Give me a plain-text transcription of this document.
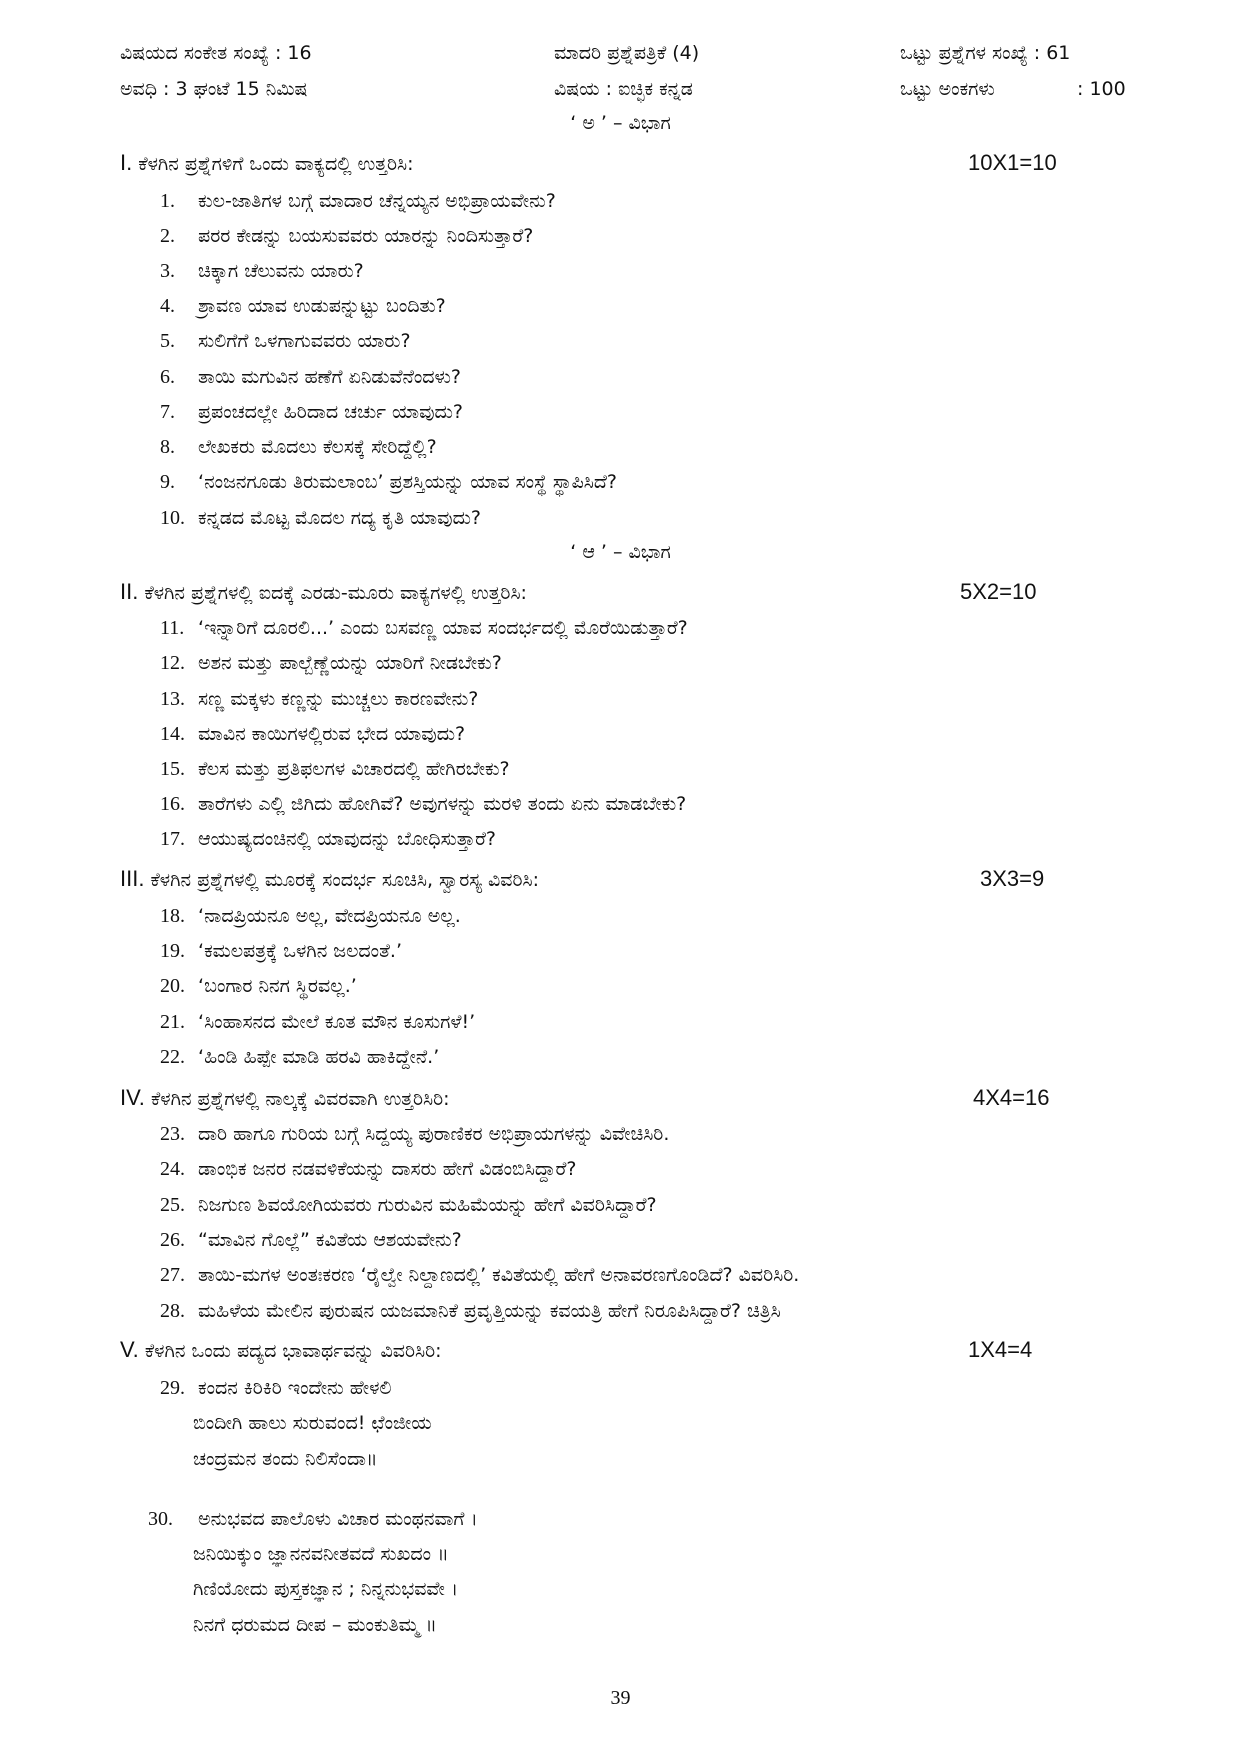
ವಿಷಯದ ಸಂಕೇತ ಸಂಖ್ಯೆ : 16	ಮಾದರಿ ಪ್ರಶ್ನೆಪತ್ರಿಕೆ (4)	ಒಟ್ಟು ಪ್ರಶ್ನೆಗಳ ಸಂಖ್ಯೆ : 61
ಅವಧಿ : 3 ಘಂಟೆ 15 ನಿಮಿಷ	ವಿಷಯ : ಐಚ್ಛಿಕ ಕನ್ನಡ	ಒಟ್ಟು ಅಂಕಗಳು	: 100
‘ ಅ ’ – ವಿಭಾಗ
I. ಕೆಳಗಿನ ಪ್ರಶ್ನೆಗಳಿಗೆ ಒಂದು ವಾಕ್ಯದಲ್ಲಿ ಉತ್ತರಿಸಿ:	10X1=10
1. ಕುಲ-ಜಾತಿಗಳ ಬಗ್ಗೆ ಮಾದಾರ ಚೆನ್ನಯ್ಯನ ಅಭಿಪ್ರಾಯವೇನು?
2. ಪರರ ಕೇಡನ್ನು ಬಯಸುವವರು ಯಾರನ್ನು ನಿಂದಿಸುತ್ತಾರೆ?
3. ಚಿಕ್ಕಾಗ ಚೆಲುವನು ಯಾರು?
4. ಶ್ರಾವಣ ಯಾವ ಉಡುಪನ್ನುಟ್ಟು ಬಂದಿತು?
5. ಸುಲಿಗೆಗೆ ಒಳಗಾಗುವವರು ಯಾರು?
6. ತಾಯಿ ಮಗುವಿನ ಹಣೆಗೆ ಏನಿಡುವೆನೆಂದಳು?
7. ಪ್ರಪಂಚದಲ್ಲೇ ಹಿರಿದಾದ ಚರ್ಚು ಯಾವುದು?
8. ಲೇಖಕರು ಮೊದಲು ಕೆಲಸಕ್ಕೆ ಸೇರಿದ್ದೆಲ್ಲಿ?
9. ‘ನಂಜನಗೂಡು ತಿರುಮಲಾಂಬ’ ಪ್ರಶಸ್ತಿಯನ್ನು ಯಾವ ಸಂಸ್ಥೆ ಸ್ಥಾಪಿಸಿದೆ?
10. ಕನ್ನಡದ ಮೊಟ್ಟ ಮೊದಲ ಗದ್ಯ ಕೃತಿ ಯಾವುದು?
‘ ಆ ’ – ವಿಭಾಗ
II. ಕೆಳಗಿನ ಪ್ರಶ್ನೆಗಳಲ್ಲಿ ಐದಕ್ಕೆ ಎರಡು-ಮೂರು ವಾಕ್ಯಗಳಲ್ಲಿ ಉತ್ತರಿಸಿ:	5X2=10
11. ‘ಇನ್ನಾರಿಗೆ ದೂರಲಿ...’ ಎಂದು ಬಸವಣ್ಣ ಯಾವ ಸಂದರ್ಭದಲ್ಲಿ ಮೊರೆಯಿಡುತ್ತಾರೆ?
12. ಅಶನ ಮತ್ತು ಪಾಲ್ಬೆಣ್ಣೆಯನ್ನು ಯಾರಿಗೆ ನೀಡಬೇಕು?
13. ಸಣ್ಣ ಮಕ್ಕಳು ಕಣ್ಣನ್ನು ಮುಚ್ಚಲು ಕಾರಣವೇನು?
14. ಮಾವಿನ ಕಾಯಿಗಳಲ್ಲಿರುವ ಭೇದ ಯಾವುದು?
15. ಕೆಲಸ ಮತ್ತು ಪ್ರತಿಫಲಗಳ ವಿಚಾರದಲ್ಲಿ ಹೇಗಿರಬೇಕು?
16. ತಾರೆಗಳು ಎಲ್ಲಿ ಜಿಗಿದು ಹೋಗಿವೆ? ಅವುಗಳನ್ನು ಮರಳಿ ತಂದು ಏನು ಮಾಡಬೇಕು?
17. ಆಯುಷ್ಯದಂಚಿನಲ್ಲಿ ಯಾವುದನ್ನು ಬೋಧಿಸುತ್ತಾರೆ?
III. ಕೆಳಗಿನ ಪ್ರಶ್ನೆಗಳಲ್ಲಿ ಮೂರಕ್ಕೆ ಸಂದರ್ಭ ಸೂಚಿಸಿ, ಸ್ವಾರಸ್ಯ ವಿವರಿಸಿ:	3X3=9
18. ‘ನಾದಪ್ರಿಯನೂ ಅಲ್ಲ, ವೇದಪ್ರಿಯನೂ ಅಲ್ಲ.
19. ‘ಕಮಲಪತ್ರಕ್ಕೆ ಒಳಗಿನ ಜಲದಂತೆ.’
20. ‘ಬಂಗಾರ ನಿನಗ ಸ್ಥಿರವಲ್ಲ.’
21. ‘ಸಿಂಹಾಸನದ ಮೇಲೆ ಕೂತ ಮೌನ ಕೂಸುಗಳೆ!’
22. ‘ಹಿಂಡಿ ಹಿಪ್ಪೇ ಮಾಡಿ ಹರವಿ ಹಾಕಿದ್ದೇನೆ.’
IV. ಕೆಳಗಿನ ಪ್ರಶ್ನೆಗಳಲ್ಲಿ ನಾಲ್ಕಕ್ಕೆ ವಿವರವಾಗಿ ಉತ್ತರಿಸಿರಿ:	4X4=16
23. ದಾರಿ ಹಾಗೂ ಗುರಿಯ ಬಗ್ಗೆ ಸಿದ್ದಯ್ಯ ಪುರಾಣಿಕರ ಅಭಿಪ್ರಾಯಗಳನ್ನು ವಿವೇಚಿಸಿರಿ.
24. ಡಾಂಭಿಕ ಜನರ ನಡವಳಿಕೆಯನ್ನು ದಾಸರು ಹೇಗೆ ವಿಡಂಬಿಸಿದ್ದಾರೆ?
25. ನಿಜಗುಣ ಶಿವಯೋಗಿಯವರು ಗುರುವಿನ ಮಹಿಮೆಯನ್ನು ಹೇಗೆ ವಿವರಿಸಿದ್ದಾರೆ?
26. “ಮಾವಿನ ಗೊಲ್ಲೆ” ಕವಿತೆಯ ಆಶಯವೇನು?
27. ತಾಯಿ-ಮಗಳ ಅಂತಃಕರಣ ‘ರೈಲ್ವೇ ನಿಲ್ದಾಣದಲ್ಲಿ’ ಕವಿತೆಯಲ್ಲಿ ಹೇಗೆ ಅನಾವರಣಗೊಂಡಿದೆ? ವಿವರಿಸಿರಿ.
28. ಮಹಿಳೆಯ ಮೇಲಿನ ಪುರುಷನ ಯಜಮಾನಿಕೆ ಪ್ರವೃತ್ತಿಯನ್ನು ಕವಯತ್ರಿ ಹೇಗೆ ನಿರೂಪಿಸಿದ್ದಾರೆ? ಚಿತ್ರಿಸಿ
V. ಕೆಳಗಿನ ಒಂದು ಪದ್ಯದ ಭಾವಾರ್ಥವನ್ನು ವಿವರಿಸಿರಿ:	1X4=4
29. ಕಂದನ ಕಿರಿಕಿರಿ ಇಂದೇನು ಹೇಳಲಿ
ಬಿಂದೀಗಿ ಹಾಲು ಸುರುವಂದ! ಛೆಂಜೀಯ
ಚಂದ್ರಮನ ತಂದು ನಿಲಿಸೆಂದಾ॥
30. ಅನುಭವದ ಪಾಲೊಳು ವಿಚಾರ ಮಂಥನವಾಗೆ ।
ಜನಿಯಿಕ್ಕುಂ ಜ್ಞಾನನವನೀತವದೆ ಸುಖದಂ ॥
ಗಿಣಿಯೋದು ಪುಸ್ತಕಜ್ಞಾನ ; ನಿನ್ನನುಭವವೇ ।
ನಿನಗೆ ಧರುಮದ ದೀಪ – ಮಂಕುತಿಮ್ಮ ॥
39
